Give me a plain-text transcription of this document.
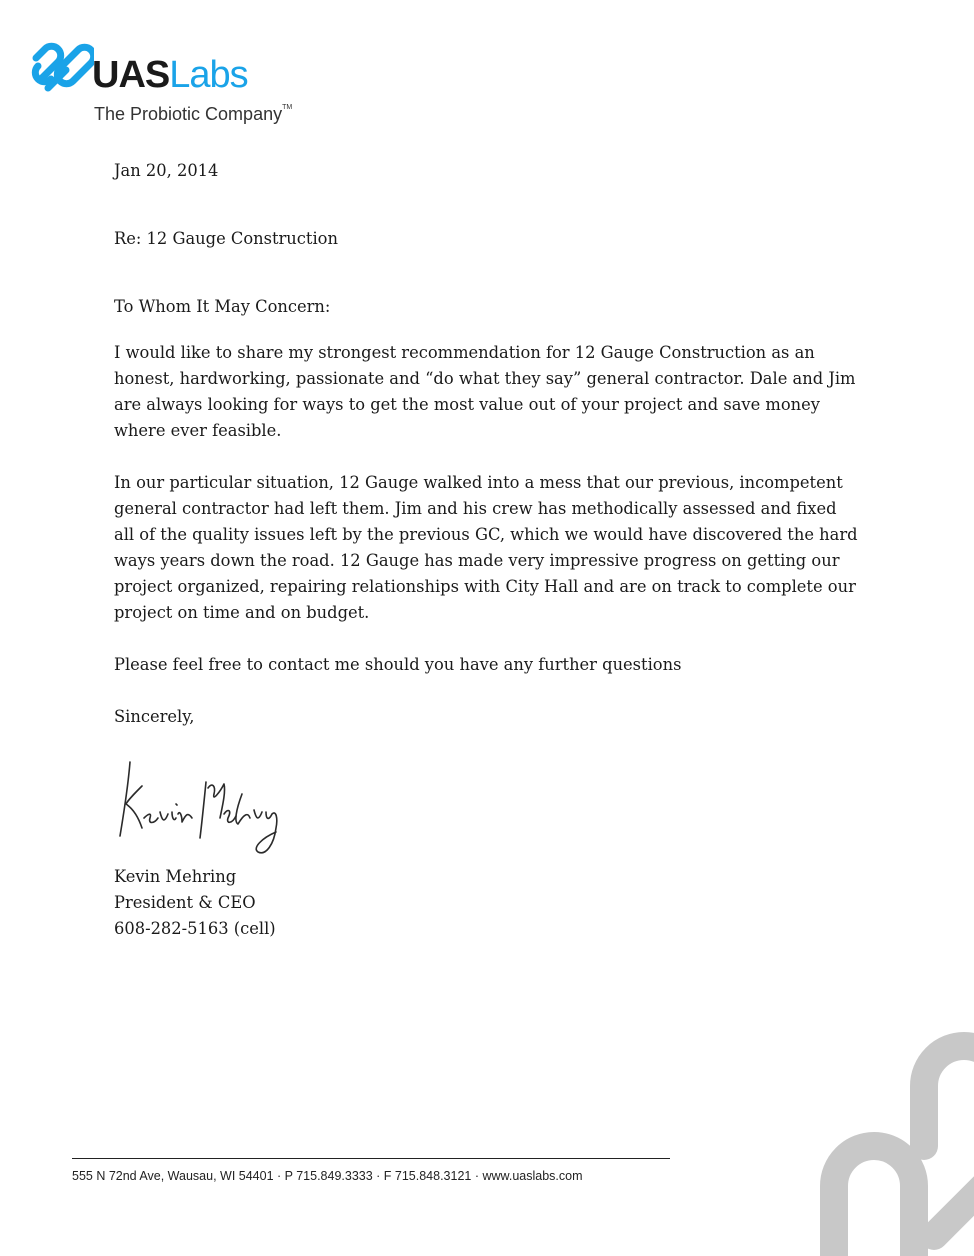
UASLabs
The Probiotic Company™

Jan 20, 2014

Re: 12 Gauge Construction

To Whom It May Concern:

I would like to share my strongest recommendation for 12 Gauge Construction as an honest, hardworking, passionate and “do what they say” general contractor. Dale and Jim are always looking for ways to get the most value out of your project and save money where ever feasible.

In our particular situation, 12 Gauge walked into a mess that our previous, incompetent general contractor had left them. Jim and his crew has methodically assessed and fixed all of the quality issues left by the previous GC, which we would have discovered the hard ways years down the road. 12 Gauge has made very impressive progress on getting our project organized, repairing relationships with City Hall and are on track to complete our project on time and on budget.

Please feel free to contact me should you have any further questions

Sincerely,

Kevin Mehring
President & CEO
608-282-5163 (cell)
555 N 72nd Ave, Wausau, WI 54401 · P 715.849.3333 · F 715.848.3121 · www.uaslabs.com
